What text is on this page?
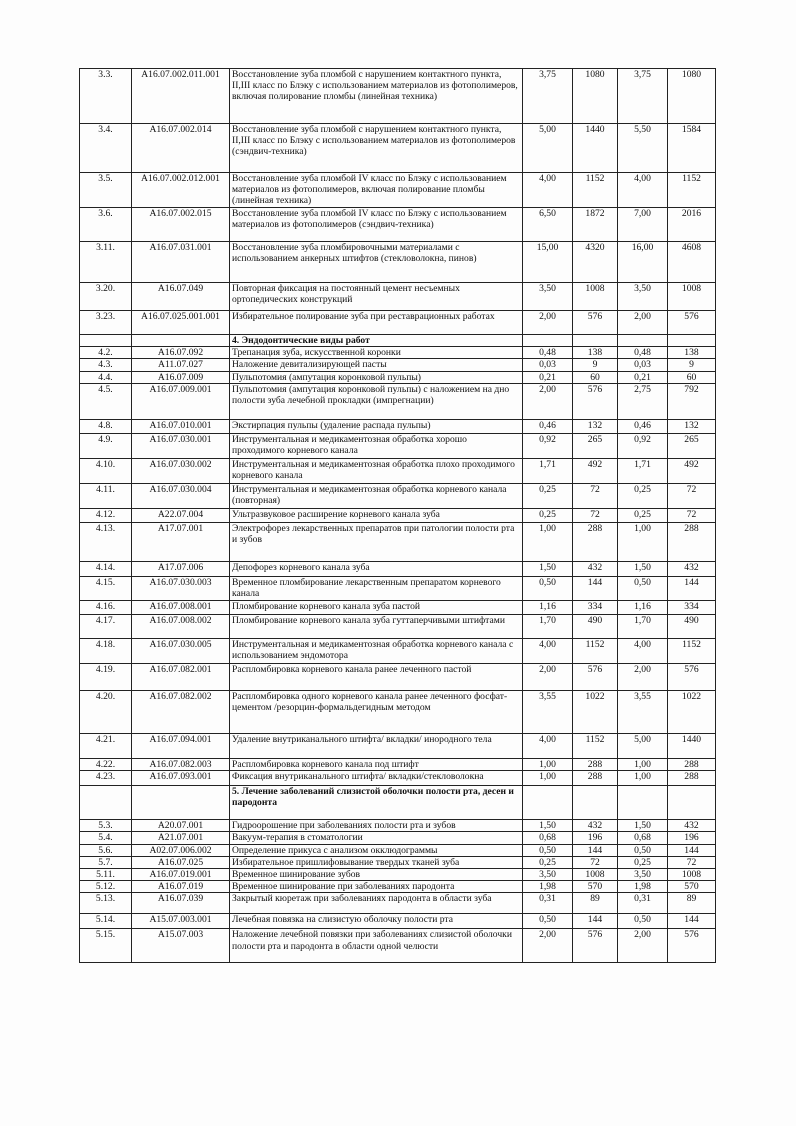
3.3.	A16.07.002.011.001	Восстановление зуба пломбой с нарушением контактного пункта, II,III класс по Блэку с использованием материалов из фотополимеров, включая полирование пломбы (линейная техника)	3,75	1080	3,75	1080
3.4.	A16.07.002.014	Восстановление зуба пломбой с нарушением контактного пункта, II,III класс по Блэку с использованием материалов из фотополимеров (сэндвич-техника)	5,00	1440	5,50	1584
3.5.	A16.07.002.012.001	Восстановление зуба пломбой IV класс по Блэку с использованием материалов из фотополимеров, включая полирование пломбы (линейная техника)	4,00	1152	4,00	1152
3.6.	A16.07.002.015	Восстановление зуба пломбой IV класс по Блэку с использованием материалов из фотополимеров (сэндвич-техника)	6,50	1872	7,00	2016
3.11.	A16.07.031.001	Восстановление зуба пломбировочными материалами с использованием анкерных штифтов (стекловолокна, пинов)	15,00	4320	16,00	4608
3.20.	A16.07.049	Повторная фиксация на постоянный цемент несъемных ортопедических конструкций	3,50	1008	3,50	1008
3.23.	A16.07.025.001.001	Избирательное полирование зуба при реставрационных работах	2,00	576	2,00	576
		4. Эндодонтические виды работ				
4.2.	A16.07.092	Трепанация зуба, искусственной коронки	0,48	138	0,48	138
4.3.	A11.07.027	Наложение девитализирующей пасты	0,03	9	0,03	9
4.4.	A16.07.009	Пульпотомия (ампутация коронковой пульпы)	0,21	60	0,21	60
4.5.	A16.07.009.001	Пульпотомия (ампутация коронковой пульпы) с наложением на дно полости зуба лечебной прокладки (импрегнации)	2,00	576	2,75	792
4.8.	A16.07.010.001	Экстирпация пульпы (удаление распада пульпы)	0,46	132	0,46	132
4.9.	A16.07.030.001	Инструментальная и медикаментозная обработка хорошо проходимого корневого канала	0,92	265	0,92	265
4.10.	A16.07.030.002	Инструментальная и медикаментозная обработка плохо проходимого корневого канала	1,71	492	1,71	492
4.11.	A16.07.030.004	Инструментальная и медикаментозная обработка корневого канала (повторная)	0,25	72	0,25	72
4.12.	A22.07.004	Ультразвуковое расширение корневого канала зуба	0,25	72	0,25	72
4.13.	A17.07.001	Электрофорез лекарственных препаратов при патологии полости рта и зубов	1,00	288	1,00	288
4.14.	A17.07.006	Депофорез корневого канала зуба	1,50	432	1,50	432
4.15.	A16.07.030.003	Временное пломбирование лекарственным препаратом корневого канала	0,50	144	0,50	144
4.16.	A16.07.008.001	Пломбирование корневого канала зуба пастой	1,16	334	1,16	334
4.17.	A16.07.008.002	Пломбирование корневого канала зуба гуттаперчивыми штифтами	1,70	490	1,70	490
4.18.	A16.07.030.005	Инструментальная и медикаментозная обработка корневого канала с использованием эндомотора	4,00	1152	4,00	1152
4.19.	A16.07.082.001	Распломбировка корневого канала ранее леченного пастой	2,00	576	2,00	576
4.20.	A16.07.082.002	Распломбировка одного корневого канала ранее леченного фосфат-цементом /резорцин-формальдегидным методом	3,55	1022	3,55	1022
4.21.	A16.07.094.001	Удаление внутриканального штифта/ вкладки/ инородного тела	4,00	1152	5,00	1440
4.22.	A16.07.082.003	Распломбировка корневого канала под штифт	1,00	288	1,00	288
4.23.	A16.07.093.001	Фиксация внутриканального штифта/ вкладки/стекловолокна	1,00	288	1,00	288
		5. Лечение заболеваний слизистой оболочки полости рта, десен и пародонта				
5.3.	A20.07.001	Гидроорошение при заболеваниях полости рта и зубов	1,50	432	1,50	432
5.4.	A21.07.001	Вакуум-терапия в стоматологии	0,68	196	0,68	196
5.6.	A02.07.006.002	Определение прикуса с анализом окклюдограммы	0,50	144	0,50	144
5.7.	A16.07.025	Избирательное пришлифовывание твердых тканей зуба	0,25	72	0,25	72
5.11.	A16.07.019.001	Временное шинирование зубов	3,50	1008	3,50	1008
5.12.	A16.07.019	Временное шинирование при заболеваниях пародонта	1,98	570	1,98	570
5.13.	A16.07.039	Закрытый кюретаж при заболеваниях пародонта в области зуба	0,31	89	0,31	89
5.14.	A15.07.003.001	Лечебная повязка на слизистую оболочку полости рта	0,50	144	0,50	144
5.15.	A15.07.003	Наложение лечебной повязки при заболеваниях слизистой оболочки полости рта и пародонта в области одной челюсти	2,00	576	2,00	576
